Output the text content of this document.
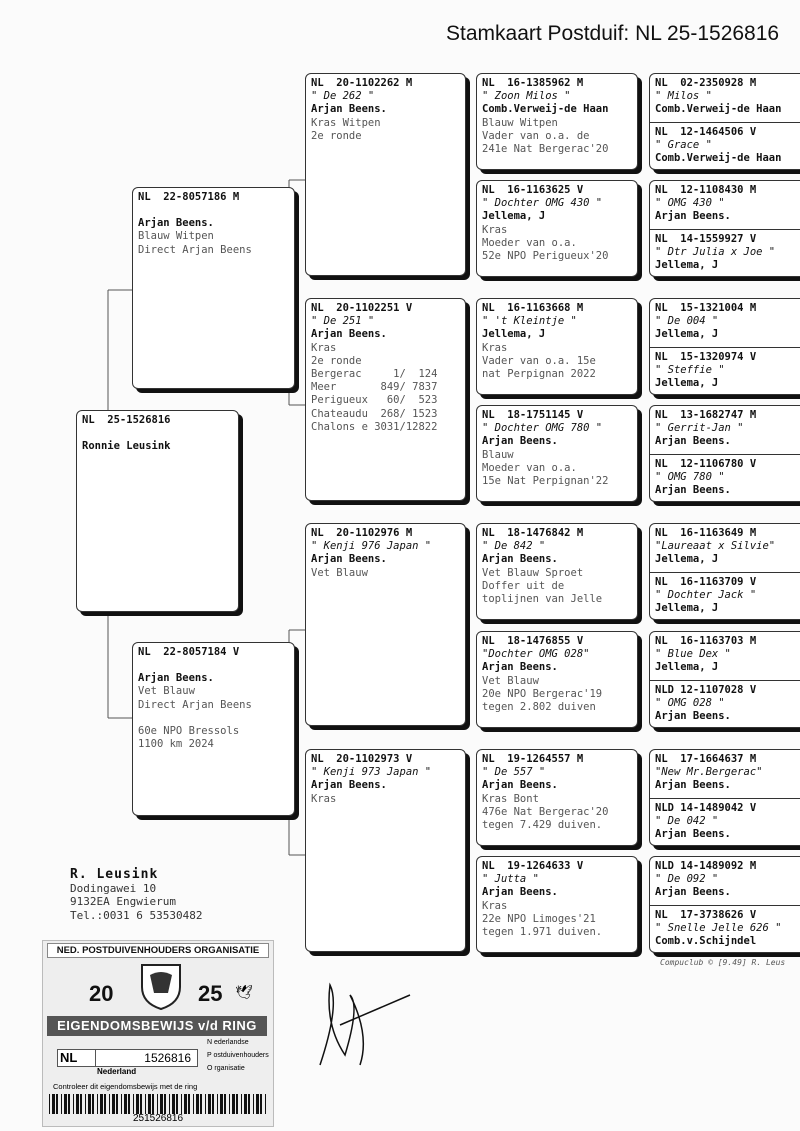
Stamkaart Postduif: NL 25-1526816
NL  25-1526816
Ronnie Leusink
NL  22-8057186 M
Arjan Beens.
Blauw Witpen
Direct Arjan Beens
NL  22-8057184 V
Arjan Beens.
Vet Blauw
Direct Arjan Beens
60e NPO Bressols
1100 km 2024
NL  20-1102262 M
" De 262 "
Arjan Beens.
Kras Witpen
2e ronde
NL  20-1102251 V
" De 251 "
Arjan Beens.
Kras
2e ronde
Bergerac     1/  124
Meer       849/ 7837
Perigueux   60/  523
Chateaudu  268/ 1523
Chalons e 3031/12822
NL  20-1102976 M
" Kenji 976 Japan "
Arjan Beens.
Vet Blauw
NL  20-1102973 V
" Kenji 973 Japan "
Arjan Beens.
Kras
NL  16-1385962 M
" Zoon Milos "
Comb.Verweij-de Haan
Blauw Witpen
Vader van o.a. de
241e Nat Bergerac'20
NL  16-1163625 V
" Dochter OMG 430 "
Jellema, J
Kras
Moeder van o.a.
52e NPO Perigueux'20
NL  16-1163668 M
" 't Kleintje "
Jellema, J
Kras
Vader van o.a. 15e
nat Perpignan 2022
NL  18-1751145 V
" Dochter OMG 780 "
Arjan Beens.
Blauw
Moeder van o.a.
15e Nat Perpignan'22
NL  18-1476842 M
" De 842 "
Arjan Beens.
Vet Blauw Sproet
Doffer uit de
toplijnen van Jelle
NL  18-1476855 V
"Dochter OMG 028"
Arjan Beens.
Vet Blauw
20e NPO Bergerac'19
tegen 2.802 duiven
NL  19-1264557 M
" De 557 "
Arjan Beens.
Kras Bont
476e Nat Bergerac'20
tegen 7.429 duiven.
NL  19-1264633 V
" Jutta "
Arjan Beens.
Kras
22e NPO Limoges'21
tegen 1.971 duiven.
NL  02-2350928 M
" Milos "
Comb.Verweij-de Haan
NL  12-1464506 V
" Grace "
Comb.Verweij-de Haan
NL  12-1108430 M
" OMG 430 "
Arjan Beens.
NL  14-1559927 V
" Dtr Julia x Joe "
Jellema, J
NL  15-1321004 M
" De 004 "
Jellema, J
NL  15-1320974 V
" Steffie "
Jellema, J
NL  13-1682747 M
" Gerrit-Jan "
Arjan Beens.
NL  12-1106780 V
" OMG 780 "
Arjan Beens.
NL  16-1163649 M
"Laureaat x Silvie"
Jellema, J
NL  16-1163709 V
" Dochter Jack "
Jellema, J
NL  16-1163703 M
" Blue Dex "
Jellema, J
NLD 12-1107028 V
" OMG 028 "
Arjan Beens.
NL  17-1664637 M
"New Mr.Bergerac"
Arjan Beens.
NLD 14-1489042 V
" De 042 "
Arjan Beens.
NLD 14-1489092 M
" De 092 "
Arjan Beens.
NL  17-3738626 V
" Snelle Jelle 626 "
Comb.v.Schijndel
Compuclub © [9.49] R. Leus
R. Leusink
Dodingawei 10
9132EA Engwierum
Tel.:0031 6 53530482
NED. POSTDUIVENHOUDERS ORGANISATIE
20	25 🕊
EIGENDOMSBEWIJS v/d RING
NL	1526816
Nederland
N ederlandse
P ostduivenhouders
O rganisatie
Controleer dit eigendomsbewijs met de ring
251526816
